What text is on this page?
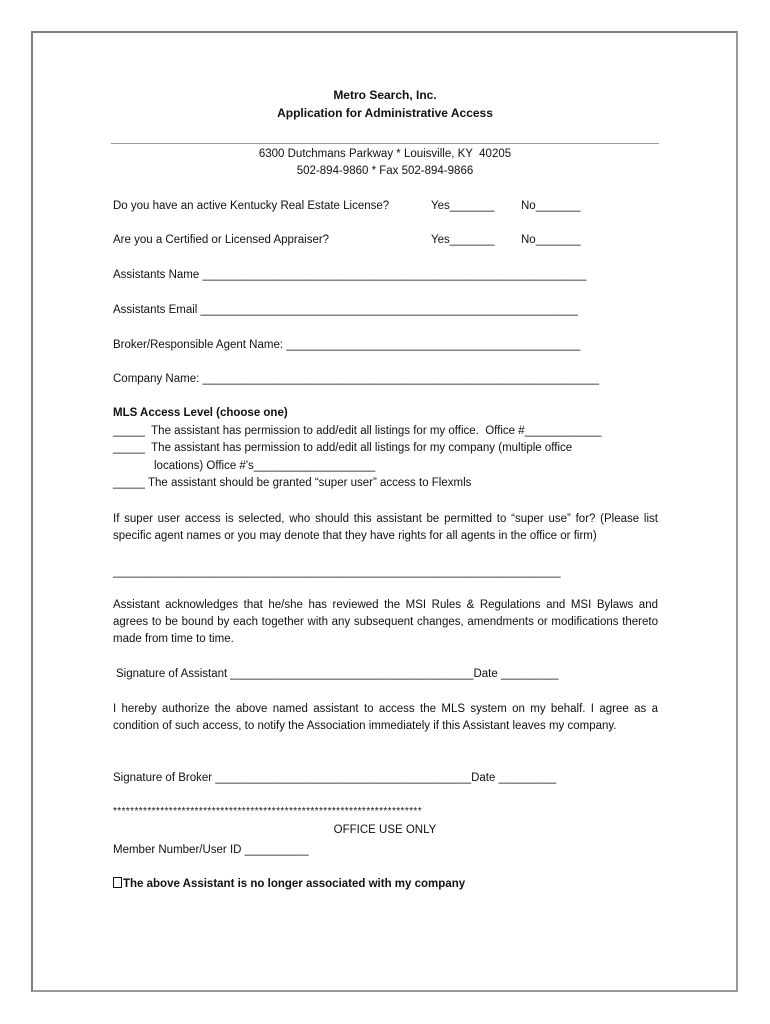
Metro Search, Inc.
Application for Administrative Access
6300 Dutchmans Parkway * Louisville, KY  40205
502-894-9860 * Fax 502-894-9866
Do you have an active Kentucky Real Estate License?	Yes_______ No_______
Are you a Certified or Licensed Appraiser?	Yes_______ No_______
Assistants Name ____________________________________________________________
Assistants Email ___________________________________________________________
Broker/Responsible Agent Name: ______________________________________________
Company Name: ______________________________________________________________
MLS Access Level (choose one)
_____  The assistant has permission to add/edit all listings for my office.  Office #____________
_____  The assistant has permission to add/edit all listings for my company (multiple office
locations) Office #'s___________________
_____ The assistant should be granted “super user” access to Flexmls
If super user access is selected, who should this assistant be permitted to “super use” for? (Please list specific agent names or you may denote that they have rights for all agents in the office or firm)
______________________________________________________________________
Assistant acknowledges that he/she has reviewed the MSI Rules & Regulations and MSI Bylaws and agrees to be bound by each together with any subsequent changes, amendments or modifications thereto made from time to time.
Signature of Assistant ______________________________________Date _________
I hereby authorize the above named assistant to access the MLS system on my behalf. I agree as a condition of such access, to notify the Association immediately if this Assistant leaves my company.
Signature of Broker ________________________________________Date _________
************************************************************************
OFFICE USE ONLY
Member Number/User ID __________
The above Assistant is no longer associated with my company
